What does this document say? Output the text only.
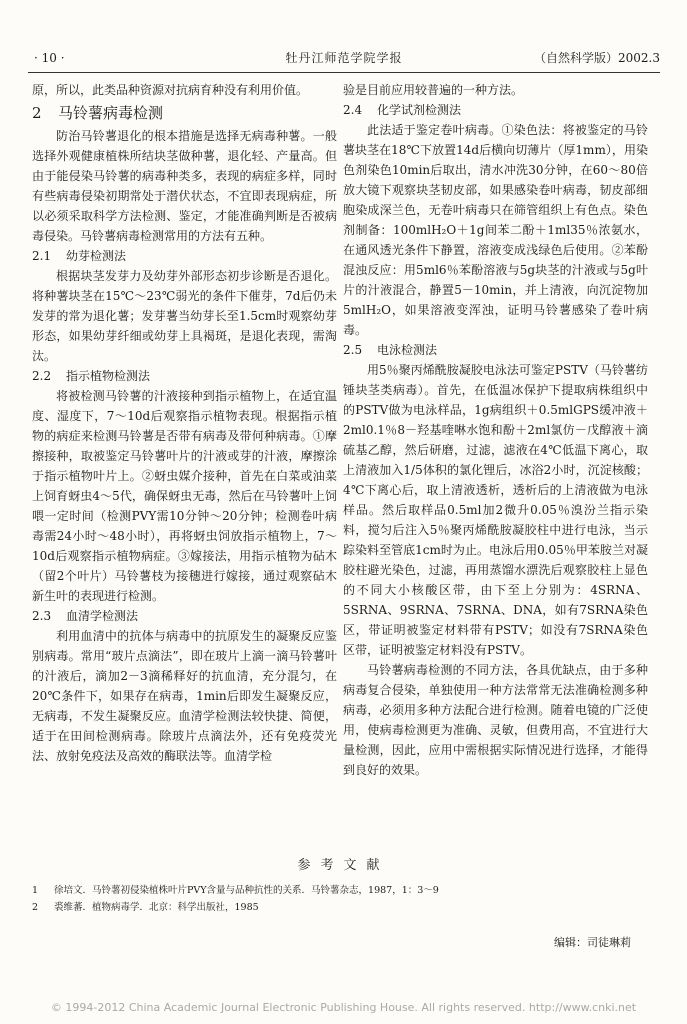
· 10 ·	牡丹江师范学院学报	（自然科学版）2002.3

原，所以，此类品种资源对抗病育种没有利用价值。

2 马铃薯病毒检测

防治马铃薯退化的根本措施是选择无病毒种薯。一般选择外观健康植株所结块茎做种薯，退化轻、产量高。但由于能侵染马铃薯的病毒种类多，表现的病症多样，同时有些病毒侵染初期常处于潜伏状态，不宜即表现病症，所以必须采取科学方法检测、鉴定，才能准确判断是否被病毒侵染。马铃薯病毒检测常用的方法有五种。

2.1 幼芽检测法

根据块茎发芽力及幼芽外部形态初步诊断是否退化。将种薯块茎在15℃～23℃弱光的条件下催芽，7d后仍未发芽的常为退化薯；发芽薯当幼芽长至1.5cm时观察幼芽形态，如果幼芽纤细或幼芽上具褐斑，是退化表现，需淘汰。

2.2 指示植物检测法

将被检测马铃薯的汁液接种到指示植物上，在适宜温度、湿度下，7～10d后观察指示植物表现。根据指示植物的病症来检测马铃薯是否带有病毒及带何种病毒。①摩擦接种，取被鉴定马铃薯叶片的汁液或芽的汁液，摩擦涂于指示植物叶片上。②蚜虫媒介接种，首先在白菜或油菜上饲育蚜虫4～5代，确保蚜虫无毒，然后在马铃薯叶上饲喂一定时间（检测PVY需10分钟～20分钟；检测卷叶病毒需24小时～48小时），再将蚜虫饲放指示植物上，7～10d后观察指示植物病症。③嫁接法，用指示植物为砧木（留2个叶片）马铃薯枝为接穗进行嫁接，通过观察砧木新生叶的表现进行检测。

2.3 血清学检测法

利用血清中的抗体与病毒中的抗原发生的凝聚反应鉴别病毒。常用“玻片点滴法”，即在玻片上滴一滴马铃薯叶的汁液后，滴加2－3滴稀释好的抗血清，充分混匀，在20℃条件下，如果存在病毒，1min后即发生凝聚反应，无病毒，不发生凝聚反应。血清学检测法较快捷、简便，适于在田间检测病毒。除玻片点滴法外，还有免疫荧光法、放射免疫法及高效的酶联法等。血清学检

验是目前应用较普遍的一种方法。

2.4 化学试剂检测法

此法适于鉴定卷叶病毒。①染色法：将被鉴定的马铃薯块茎在18℃下放置14d后横向切薄片（厚1mm），用染色剂染色10min后取出，清水冲洗30分钟，在60～80倍放大镜下观察块茎韧皮部，如果感染卷叶病毒，韧皮部细胞染成深兰色，无卷叶病毒只在筛管组织上有色点。染色剂制备：100mlH₂O＋1g间苯二酚＋1ml35％浓氨水，在通风透光条件下静置，溶液变成浅绿色后使用。②苯酚混浊反应：用5ml6％苯酚溶液与5g块茎的汁液或与5g叶片的汁液混合，静置5－10min，并上清液，向沉淀物加5mlH₂O，如果溶液变浑浊，证明马铃薯感染了卷叶病毒。

2.5 电泳检测法

用5％聚丙烯酰胺凝胶电泳法可鉴定PSTV（马铃薯纺锤块茎类病毒）。首先，在低温冰保护下提取病株组织中的PSTV做为电泳样品，1g病组织＋0.5mlGPS缓冲液＋2ml0.1％8－羟基喹啉水饱和酚＋2ml氯仿－戊醇液＋滴硫基乙醇，然后研磨，过滤，滤液在4℃低温下离心，取上清液加入1/5体积的氯化锂后，冰浴2小时，沉淀核酸；4℃下离心后，取上清液透析，透析后的上清液做为电泳样品。然后取样品0.5ml加2微升0.05％溴汾兰指示染料，搅匀后注入5％聚丙烯酰胺凝胶柱中进行电泳，当示踪染料至管底1cm时为止。电泳后用0.05％甲苯胺兰对凝胶柱避光染色，过滤，再用蒸馏水漂洗后观察胶柱上显色的不同大小核酸区带，由下至上分别为：4SRNA、5SRNA、9SRNA、7SRNA、DNA，如有7SRNA染色区，带证明被鉴定材料带有PSTV；如没有7SRNA染色区带，证明被鉴定材料没有PSTV。

马铃薯病毒检测的不同方法，各具优缺点，由于多种病毒复合侵染，单独使用一种方法常常无法准确检测多种病毒，必须用多种方法配合进行检测。随着电镜的广泛使用，使病毒检测更为准确、灵敏，但费用高，不宜进行大量检测，因此，应用中需根据实际情况进行选择，才能得到良好的效果。

参考文献
1 徐培文．马铃薯初侵染植株叶片PVY含量与品种抗性的关系．马铃薯杂志，1987，1：3～9
2 裘维蕃．植物病毒学．北京：科学出版社，1985
编辑：司徒琳莉
© 1994-2012 China Academic Journal Electronic Publishing House. All rights reserved. http://www.cnki.net
